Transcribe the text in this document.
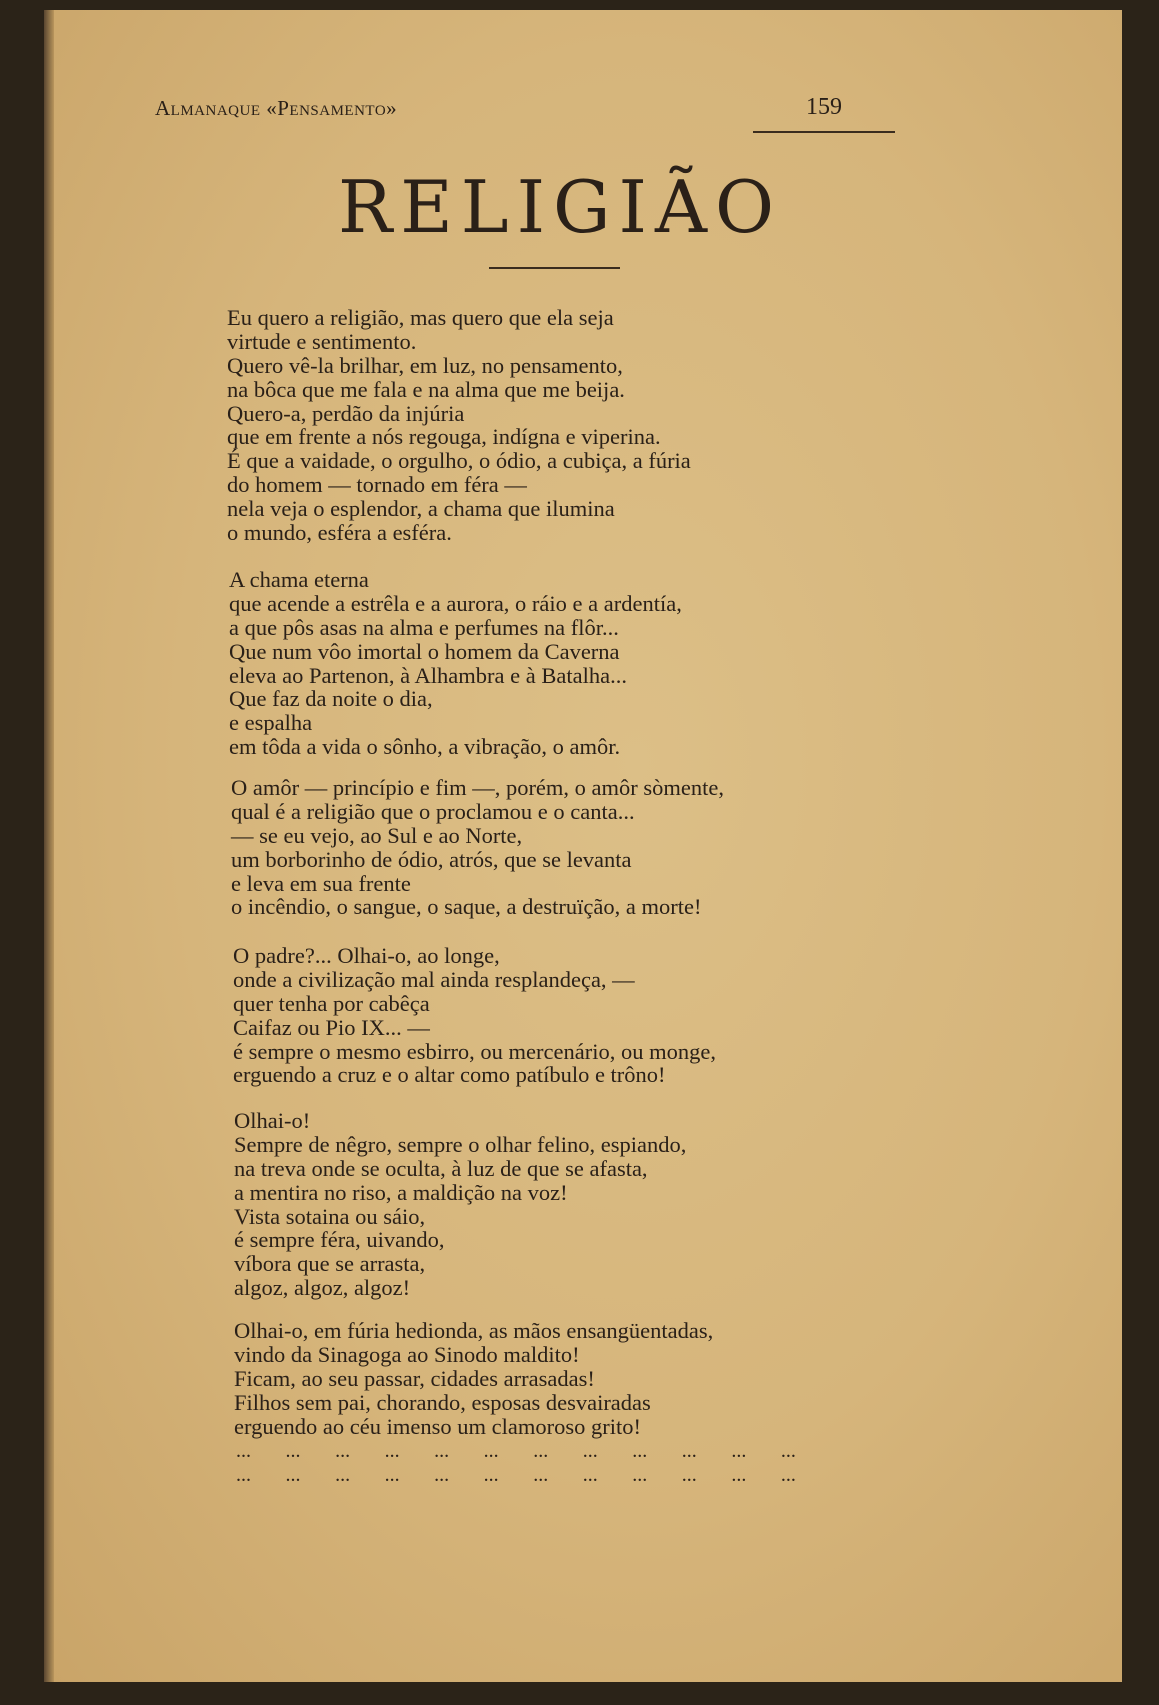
Almanaque «Pensamento»	159
RELIGIÃO
Eu quero a religião, mas quero que ela seja
virtude e sentimento.
Quero vê-la brilhar, em luz, no pensamento,
na bôca que me fala e na alma que me beija.
Quero-a, perdão da injúria
que em frente a nós regouga, indígna e viperina.
É que a vaidade, o orgulho, o ódio, a cubiça, a fúria
do homem — tornado em féra —
nela veja o esplendor, a chama que ilumina
o mundo, esféra a esféra.
A chama eterna
que acende a estrêla e a aurora, o ráio e a ardentía,
a que pôs asas na alma e perfumes na flôr...
Que num vôo imortal o homem da Caverna
eleva ao Partenon, à Alhambra e à Batalha...
Que faz da noite o dia,
e espalha
em tôda a vida o sônho, a vibração, o amôr.
O amôr — princípio e fim —, porém, o amôr sòmente,
qual é a religião que o proclamou e o canta...
— se eu vejo, ao Sul e ao Norte,
um borborinho de ódio, atrós, que se levanta
e leva em sua frente
o incêndio, o sangue, o saque, a destruïção, a morte!
O padre?... Olhai-o, ao longe,
onde a civilização mal ainda resplandeça, —
quer tenha por cabêça
Caifaz ou Pio IX... —
é sempre o mesmo esbirro, ou mercenário, ou monge,
erguendo a cruz e o altar como patíbulo e trôno!
Olhai-o!
Sempre de nêgro, sempre o olhar felino, espiando,
na treva onde se oculta, à luz de que se afasta,
a mentira no riso, a maldição na voz!
Vista sotaina ou sáio,
é sempre féra, uivando,
víbora que se arrasta,
algoz, algoz, algoz!
Olhai-o, em fúria hedionda, as mãos ensangüentadas,
vindo da Sinagoga ao Sinodo maldito!
Ficam, ao seu passar, cidades arrasadas!
Filhos sem pai, chorando, esposas desvairadas
erguendo ao céu imenso um clamoroso grito!
... ... ... ... ... ... ... ... ... ... ... ...
... ... ... ... ... ... ... ... ... ... ... ...
